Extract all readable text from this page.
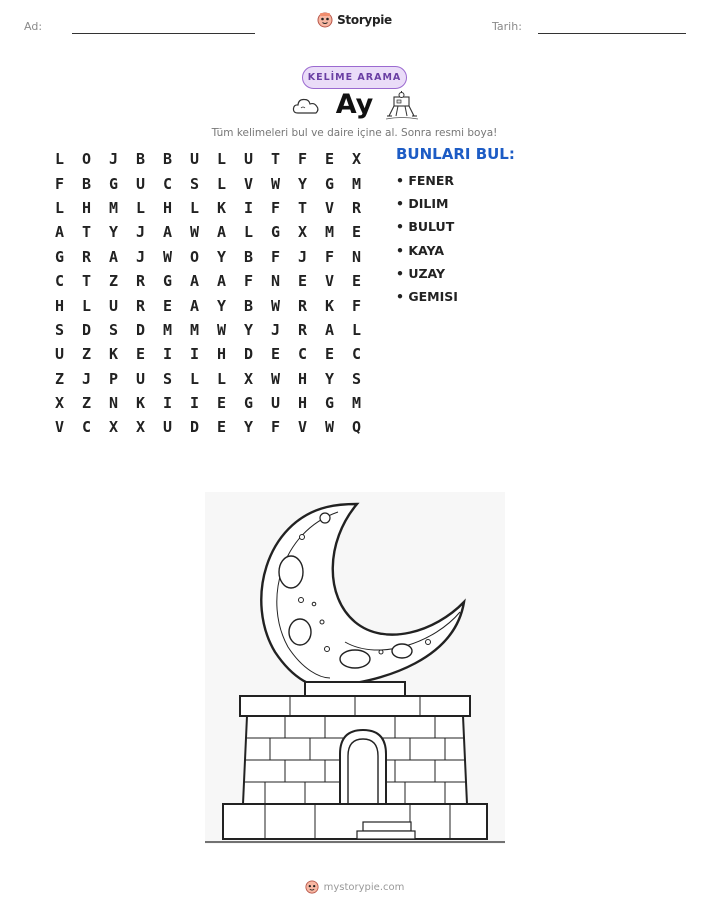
Ad:	Storypie	Tarih:
KELİME ARAMA
Ay
Tüm kelimeleri bul ve daire içine al. Sonra resmi boya!
L	O	J	B	B	U	L	U	T	F	E	X
F	B	G	U	C	S	L	V	W	Y	G	M
L	H	M	L	H	L	K	I	F	T	V	R
A	T	Y	J	A	W	A	L	G	X	M	E
G	R	A	J	W	O	Y	B	F	J	F	N
C	T	Z	R	G	A	A	F	N	E	V	E
H	L	U	R	E	A	Y	B	W	R	K	F
S	D	S	D	M	M	W	Y	J	R	A	L
U	Z	K	E	I	I	H	D	E	C	E	C
Z	J	P	U	S	L	L	X	W	H	Y	S
X	Z	N	K	I	I	E	G	U	H	G	M
V	C	X	X	U	D	E	Y	F	V	W	Q
BUNLARI BUL:
• FENER
• DILIM
• BULUT
• KAYA
• UZAY
• GEMISI
mystorypie.com
